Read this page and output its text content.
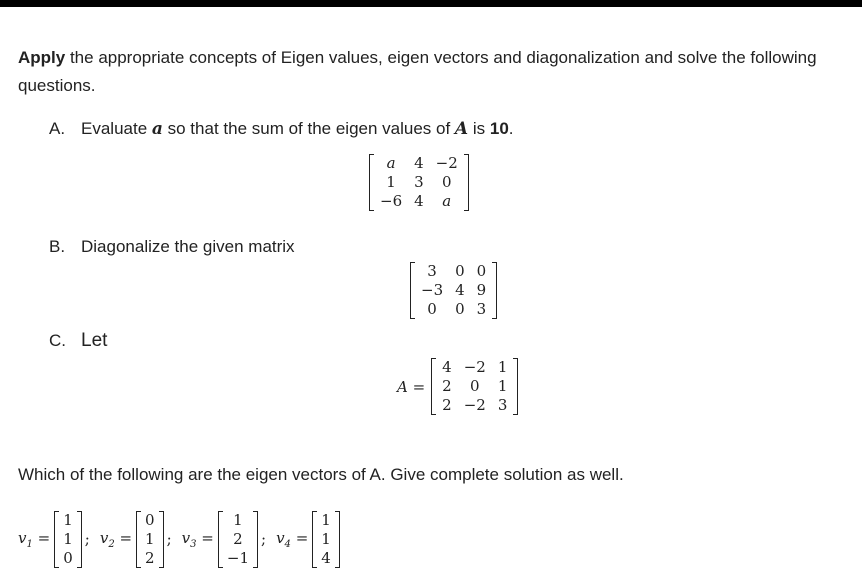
Apply the appropriate concepts of Eigen values, eigen vectors and diagonalization and solve the following questions.

A. Evaluate a so that the sum of the eigen values of A is 10.
a	4	−2
1	3	0
−6	4	a
B. Diagonalize the given matrix
3	0	0
−3	4	9
0	0	3
C. Let
A =
4	−2	1
2	0	1
2	−2	3
Which of the following are the eigen vectors of A. Give complete solution as well.
$v_1$ =
1
1
0
; $v_2$ =
0
1
2
; $v_3$ =
1
2
−1
; $v_4$ =
1
1
4
